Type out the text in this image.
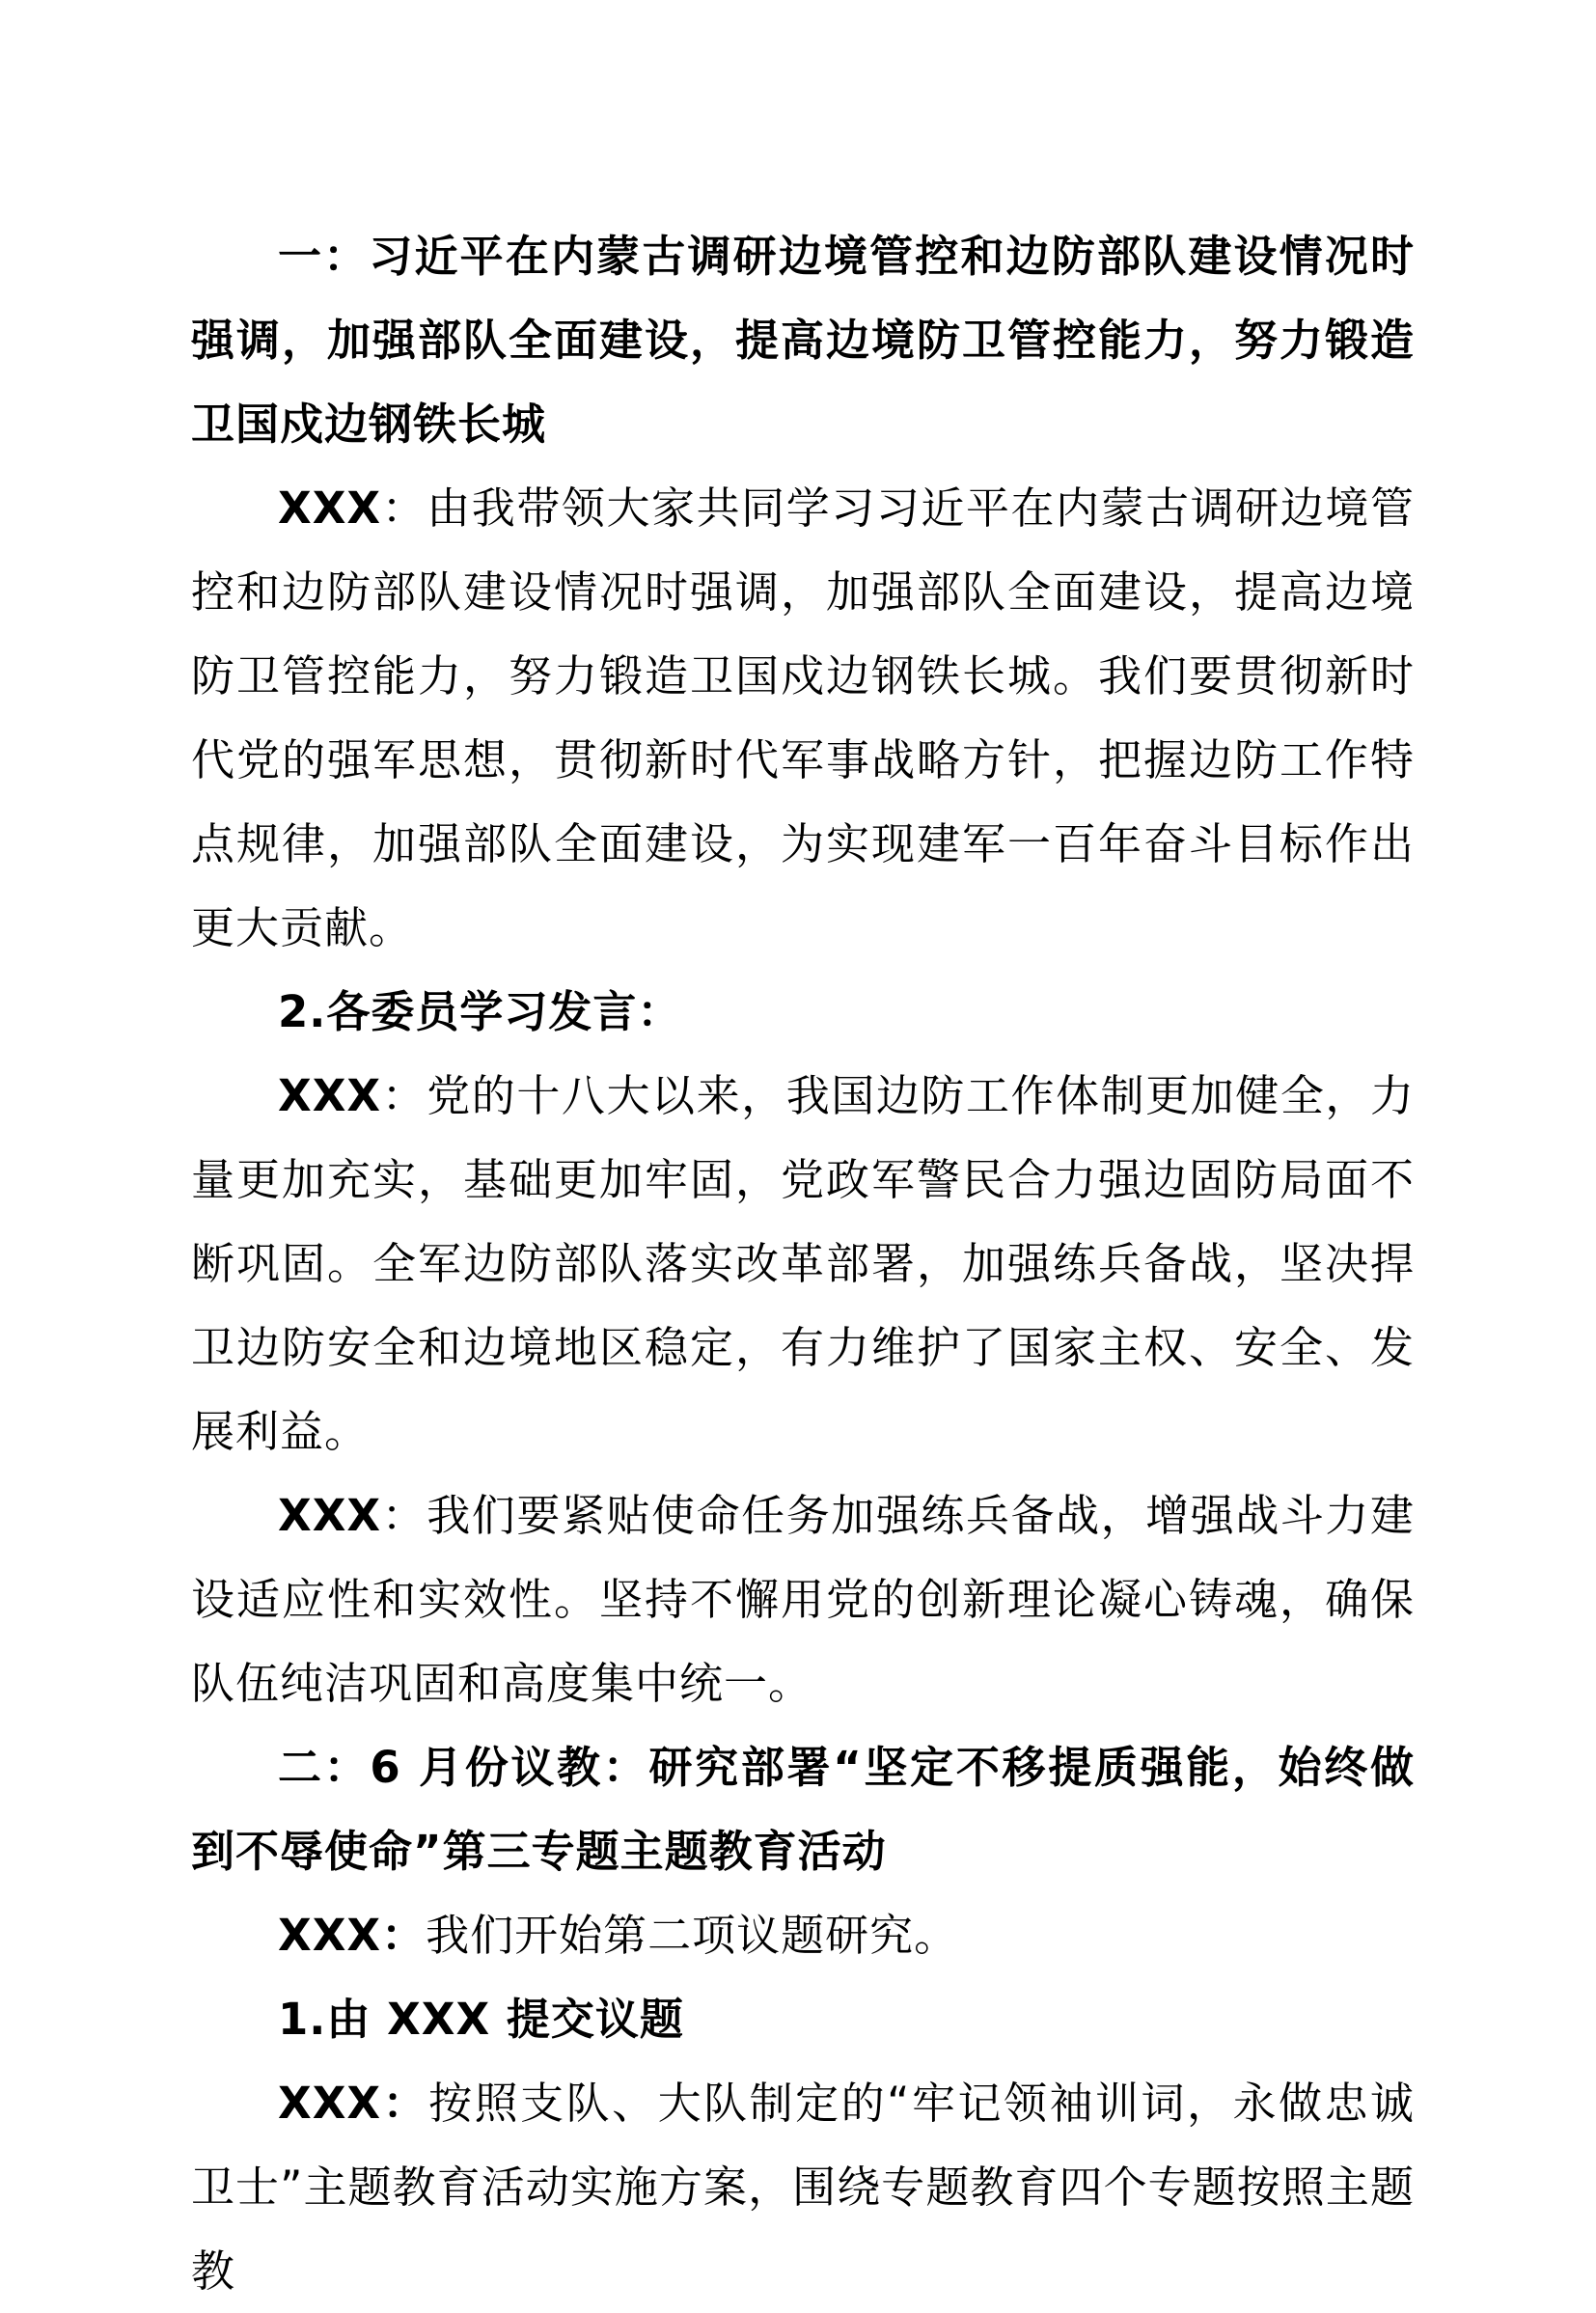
一：习近平在内蒙古调研边境管控和边防部队建设情况时强调，加强部队全面建设，提高边境防卫管控能力，努力锻造卫国戍边钢铁长城

XXX：由我带领大家共同学习习近平在内蒙古调研边境管控和边防部队建设情况时强调，加强部队全面建设，提高边境防卫管控能力，努力锻造卫国戍边钢铁长城。我们要贯彻新时代党的强军思想，贯彻新时代军事战略方针，把握边防工作特点规律，加强部队全面建设，为实现建军一百年奋斗目标作出更大贡献。

2.各委员学习发言：

XXX：党的十八大以来，我国边防工作体制更加健全，力量更加充实，基础更加牢固，党政军警民合力强边固防局面不断巩固。全军边防部队落实改革部署，加强练兵备战，坚决捍卫边防安全和边境地区稳定，有力维护了国家主权、安全、发展利益。

XXX：我们要紧贴使命任务加强练兵备战，增强战斗力建设适应性和实效性。坚持不懈用党的创新理论凝心铸魂，确保队伍纯洁巩固和高度集中统一。

二：6 月份议教：研究部署“坚定不移提质强能，始终做到不辱使命”第三专题主题教育活动

XXX：我们开始第二项议题研究。

1.由 XXX 提交议题

XXX：按照支队、大队制定的“牢记领袖训词，永做忠诚卫士”主题教育活动实施方案，围绕专题教育四个专题按照主题教
